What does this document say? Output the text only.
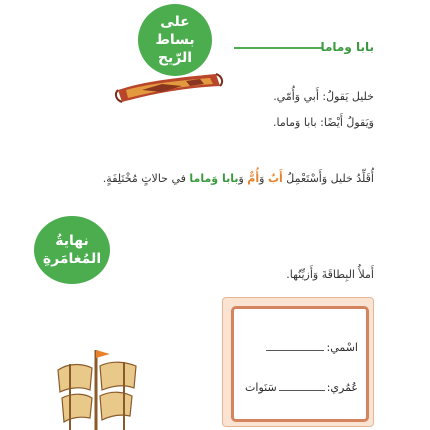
على
بساط
الرّيح
بابا وماما
خليل يَقولُ: أَبي وَأُمّي.
وَيَقولُ أَيْضًا: بابا وَماما.
أُقَلِّدُ خليل وَأَسْتَعْمِلُ أَبٌ وَأُمٌّ وَبابا وَماما في حالاتٍ مُخْتَلِفَةٍ.
نهايةُ
المُغامَرةِ
أَملأُ البِطاقَةَ وَأَزيِّنُها.
اسْمي:
عُمُري:
سَنَوات
